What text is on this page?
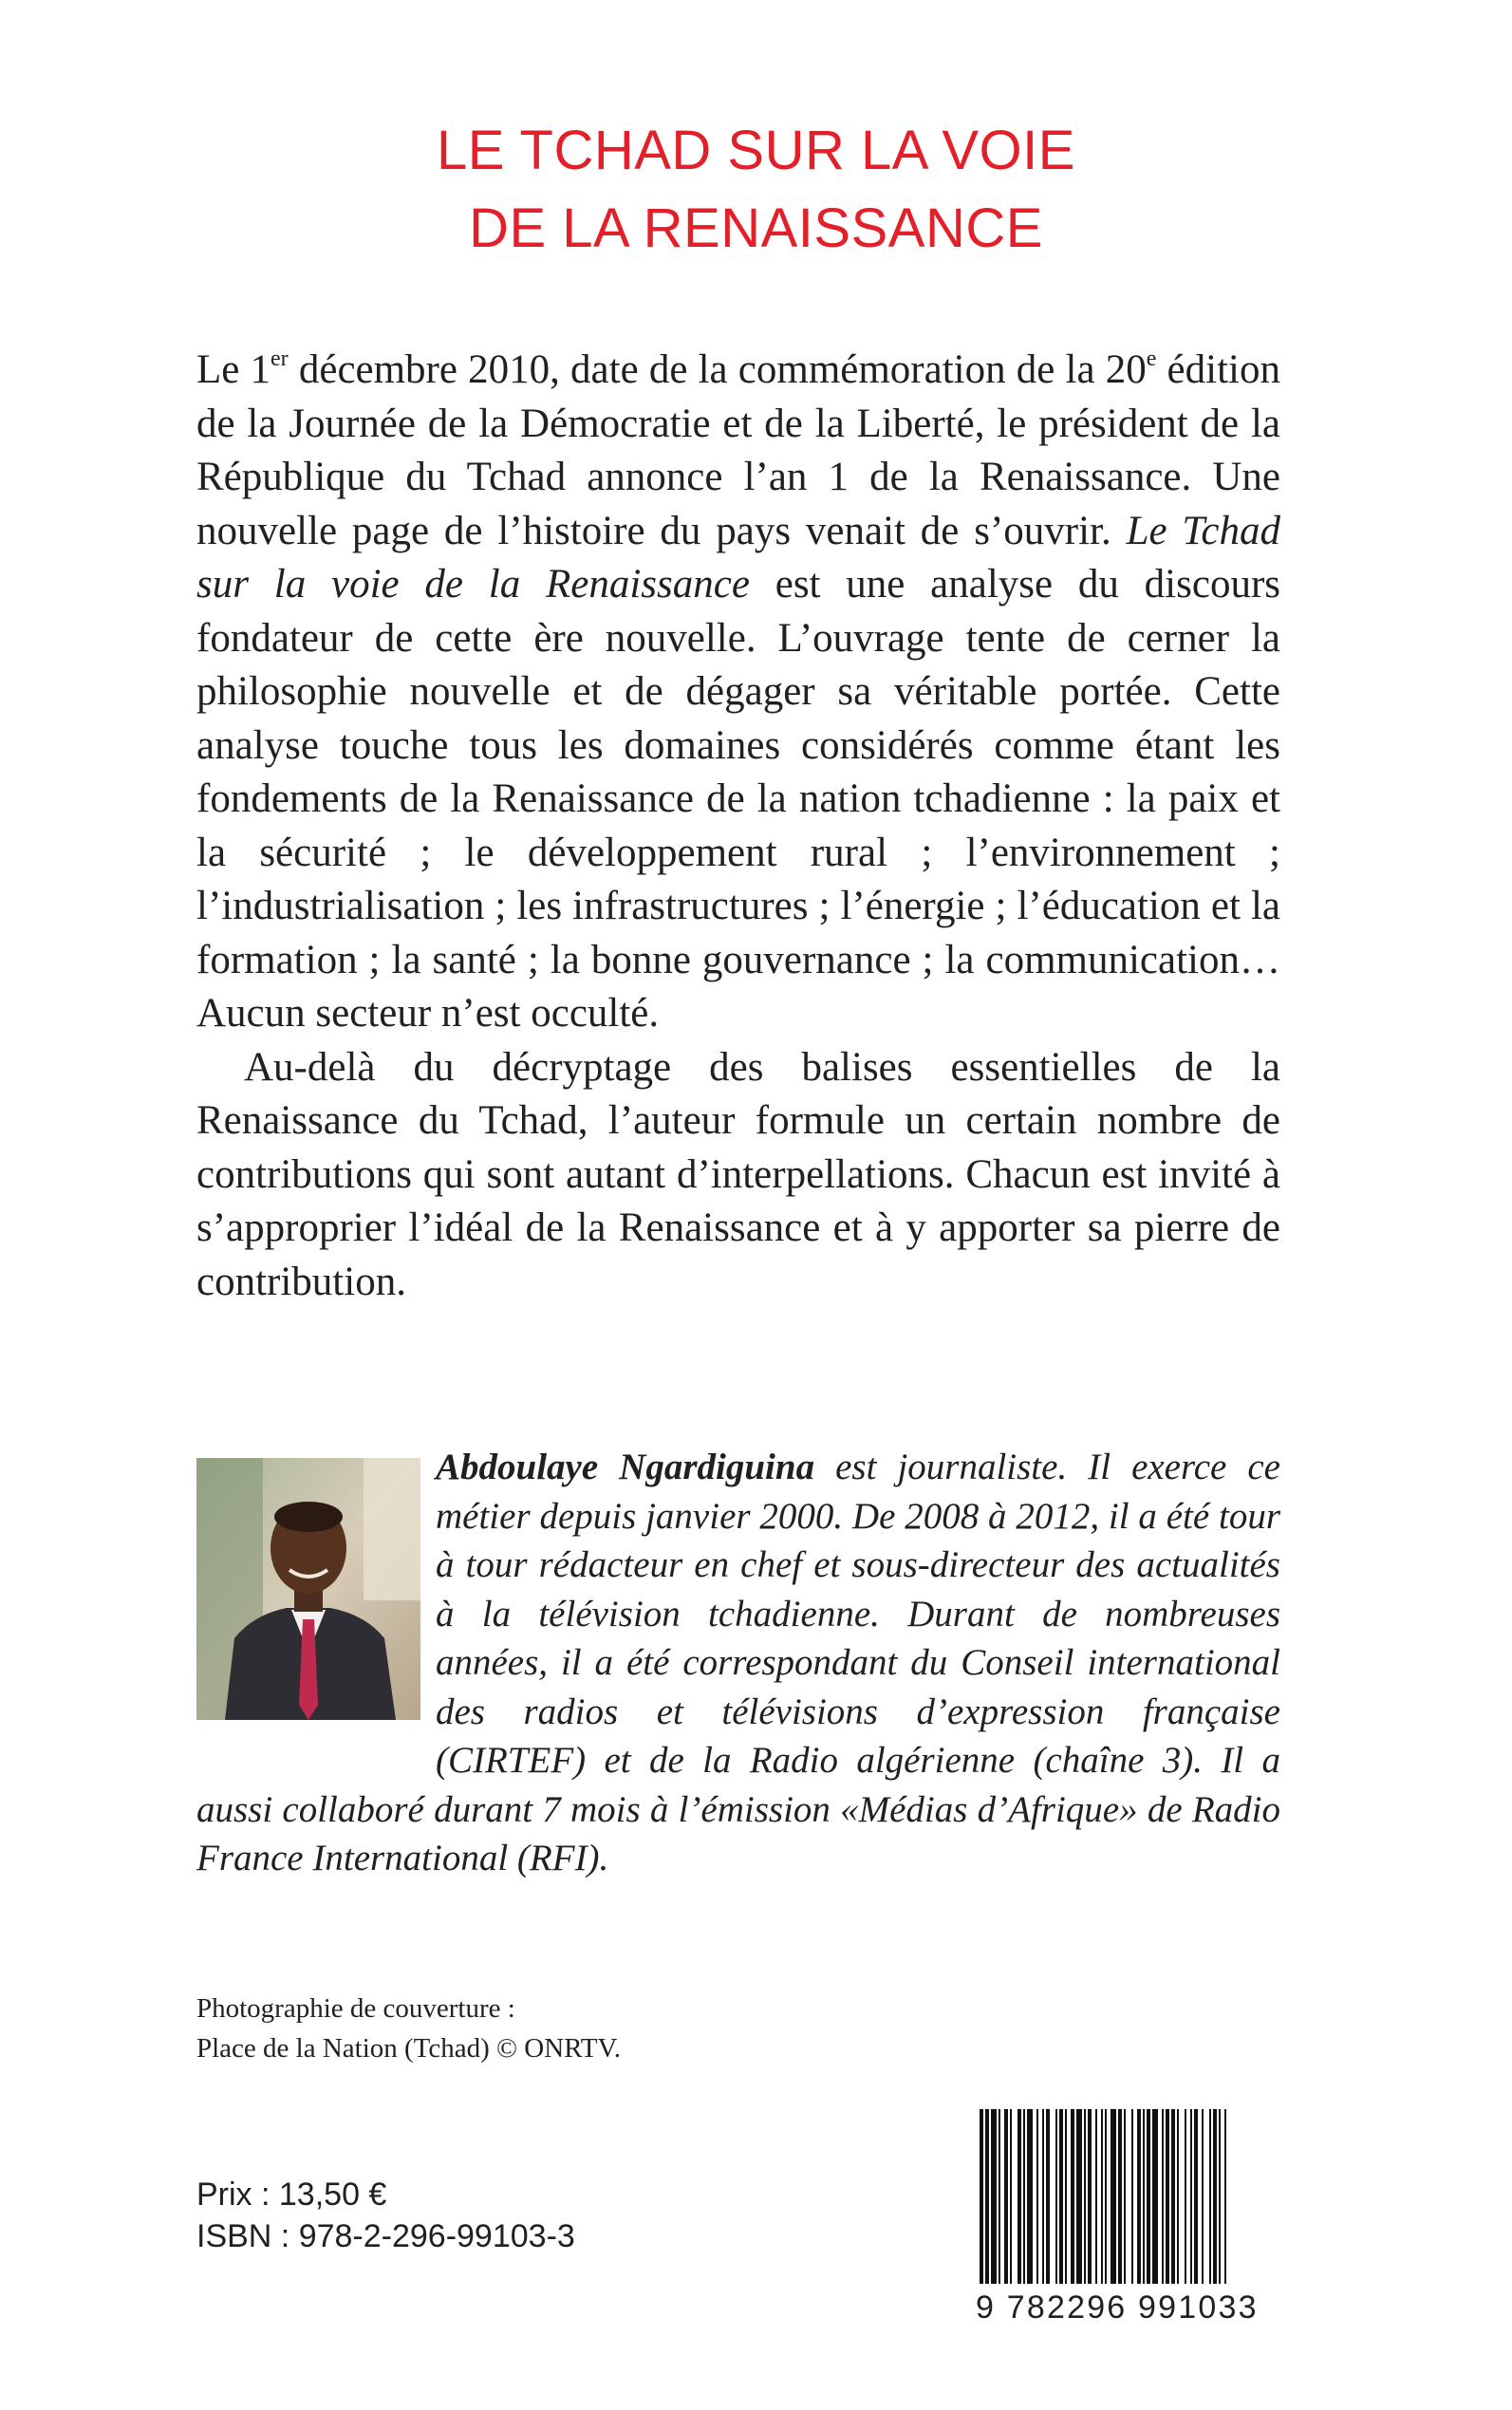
LE TCHAD SUR LA VOIE
DE LA RENAISSANCE

Le 1er décembre 2010, date de la commémoration de la 20e édition de la Journée de la Démocratie et de la Liberté, le président de la République du Tchad annonce l’an 1 de la Renaissance. Une nouvelle page de l’histoire du pays venait de s’ouvrir. Le Tchad sur la voie de la Renaissance est une analyse du discours fondateur de cette ère nouvelle. L’ouvrage tente de cerner la philosophie nouvelle et de dégager sa véritable portée. Cette analyse touche tous les domaines considérés comme étant les fondements de la Renaissance de la nation tchadienne : la paix et la sécurité ; le développement rural ; l’environnement ; l’industrialisation ; les infrastructures ; l’énergie ; l’éducation et la formation ; la santé ; la bonne gouvernance ; la communication… Aucun secteur n’est occulté.

Au-delà du décryptage des balises essentielles de la Renaissance du Tchad, l’auteur formule un certain nombre de contributions qui sont autant d’interpellations. Chacun est invité à s’approprier l’idéal de la Renaissance et à y apporter sa pierre de contribution.

Abdoulaye Ngardiguina est journaliste. Il exerce ce métier depuis janvier 2000. De 2008 à 2012, il a été tour à tour rédacteur en chef et sous-directeur des actualités à la télévision tchadienne. Durant de nombreuses années, il a été correspondant du Conseil international des radios et télévisions d’expression française (CIRTEF) et de la Radio algérienne (chaîne 3). Il a aussi collaboré durant 7 mois à l’émission «Médias d’Afrique» de Radio France International (RFI).
Photographie de couverture :
Place de la Nation (Tchad) © ONRTV.
Prix : 13,50 €
ISBN : 978-2-296-99103-3
9 782296 991033
